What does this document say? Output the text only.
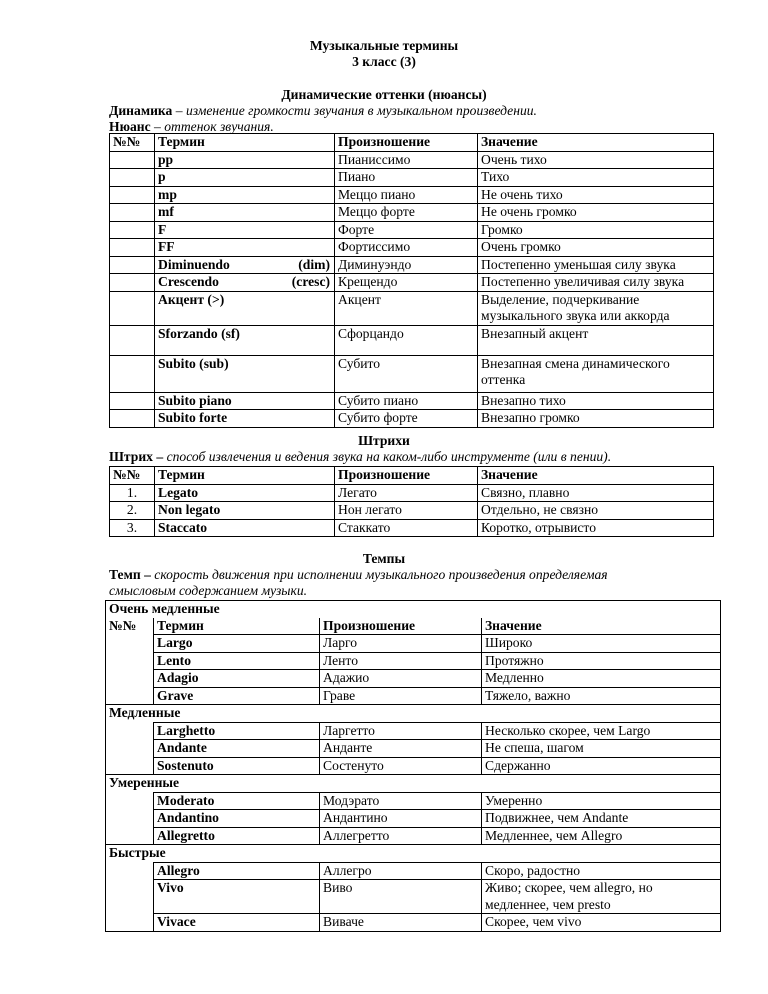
Музыкальные термины
3 класс (3)
Динамические оттенки (нюансы)
Динамика – изменение громкости звучания в музыкальном произведении.
Нюанс – оттенок звучания.
№№	Термин	Произношение	Значение
	pp	Пианиссимо	Очень тихо
	p	Пиано	Тихо
	mp	Меццо пиано	Не очень тихо
	mf	Меццо форте	Не очень громко
	F	Форте	Громко
	FF	Фортиссимо	Очень громко

	Diminuendo (dim)	Диминуэндо	Постепенно уменьшая силу звука

	Crescendo (cresc)	Крещендо	Постепенно увеличивая силу звука
	Акцент (>)	Акцент	Выделение, подчеркивание музыкального звука или аккорда
	Sforzando (sf)	Сфорцандо	Внезапный акцент
	Subito (sub)	Субито	Внезапная смена динамического оттенка
	Subito piano	Субито пиано	Внезапно тихо
	Subito forte	Субито форте	Внезапно громко
Штрихи
Штрих – способ извлечения и ведения звука на каком-либо инструменте (или в пении).
№№	Термин	Произношение	Значение
1.	Legato	Легато	Связно, плавно
2.	Non legato	Нон легато	Отдельно, не связно
3.	Staccato	Стаккато	Коротко, отрывисто
Темпы
Темп – скорость движения при исполнении музыкального произведения определяемая
смысловым содержанием музыки.
Очень медленные			
№№	Термин	Произношение	Значение
	Largo	Ларго	Широко
	Lento	Ленто	Протяжно
	Adagio	Адажио	Медленно
	Grave	Граве	Тяжело, важно
Медленные			
	Larghetto	Ларгетто	Несколько скорее, чем Largo
	Andante	Андантe	Не спеша, шагом
	Sostenuto	Состенуто	Сдержанно
Умеренные			
	Moderato	Модэрато	Умеренно
	Andantino	Андантино	Подвижнее, чем Andante
	Allegretto	Аллегретто	Медленнее, чем Allegro
Быстрые			
	Allegro	Аллегро	Скоро, радостно
	Vivo	Виво	Живо; скорее, чем allegro, но медленнее, чем presto
	Vivace	Виваче	Скорее, чем vivo
